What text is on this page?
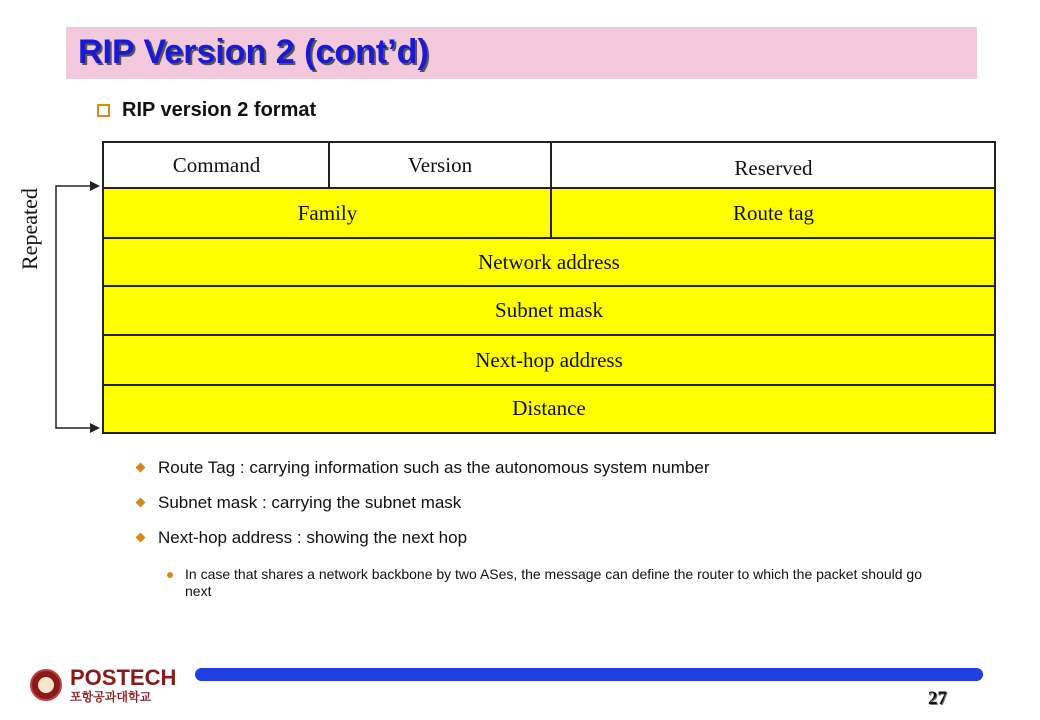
RIP Version 2 (cont’d)
RIP version 2 format
Repeated
Command	Version	Reserved
Family	Route tag
Network address
Subnet mask
Next-hop address
Distance
Route Tag : carrying information such as the autonomous system number
Subnet mask : carrying the subnet mask
Next-hop address : showing the next hop
In case that shares a network backbone by two ASes, the message can define the router to which the packet should go next
POSTECH
포항공과대학교	27
